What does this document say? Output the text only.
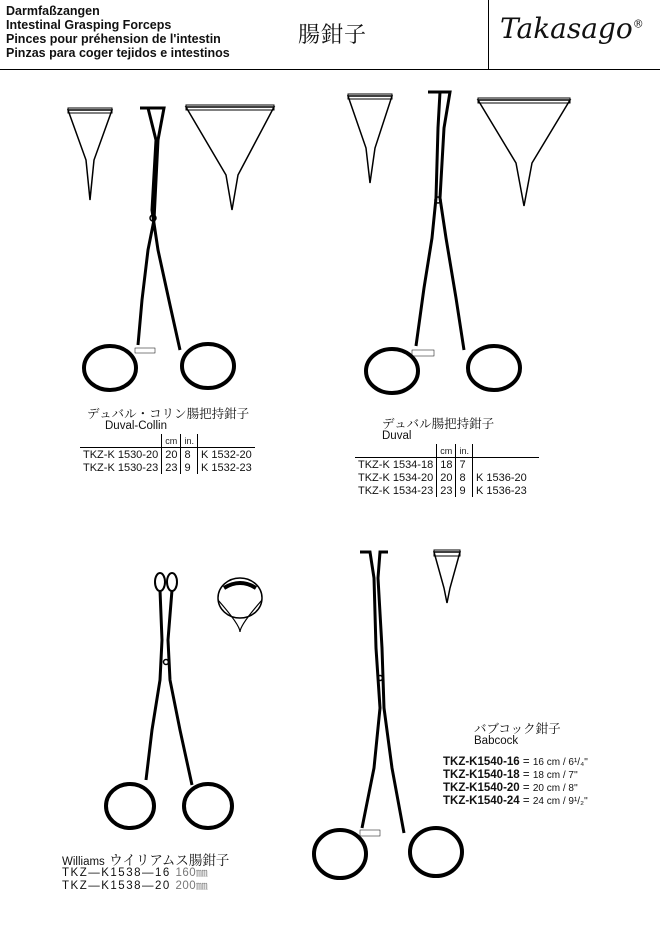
Darmfaßzangen
Intestinal Grasping Forceps
Pinces pour préhension de l'intestin
Pinzas para coger tejidos e intestinos
腸鉗子	Takasago®
デュバル・コリン腸把持鉗子
Duval-Collin
	cm	in.	
TKZ-K 1530-20	20	8	K 1532-20
TKZ-K 1530-23	23	9	K 1532-23
デュバル腸把持鉗子
Duval
	cm	in.	
TKZ-K 1534-18	18	7	
TKZ-K 1534-20	20	8	K 1536-20
TKZ-K 1534-23	23	9	K 1536-23
Williams ウイリアムス腸鉗子
TKZ—K1538—16 160㎜
TKZ—K1538—20 200㎜
バブコック鉗子
Babcock
TKZ-K1540-16 = 16 cm / 6¹/₄''
TKZ-K1540-18 = 18 cm / 7''
TKZ-K1540-20 = 20 cm / 8''
TKZ-K1540-24 = 24 cm / 9¹/₂''
